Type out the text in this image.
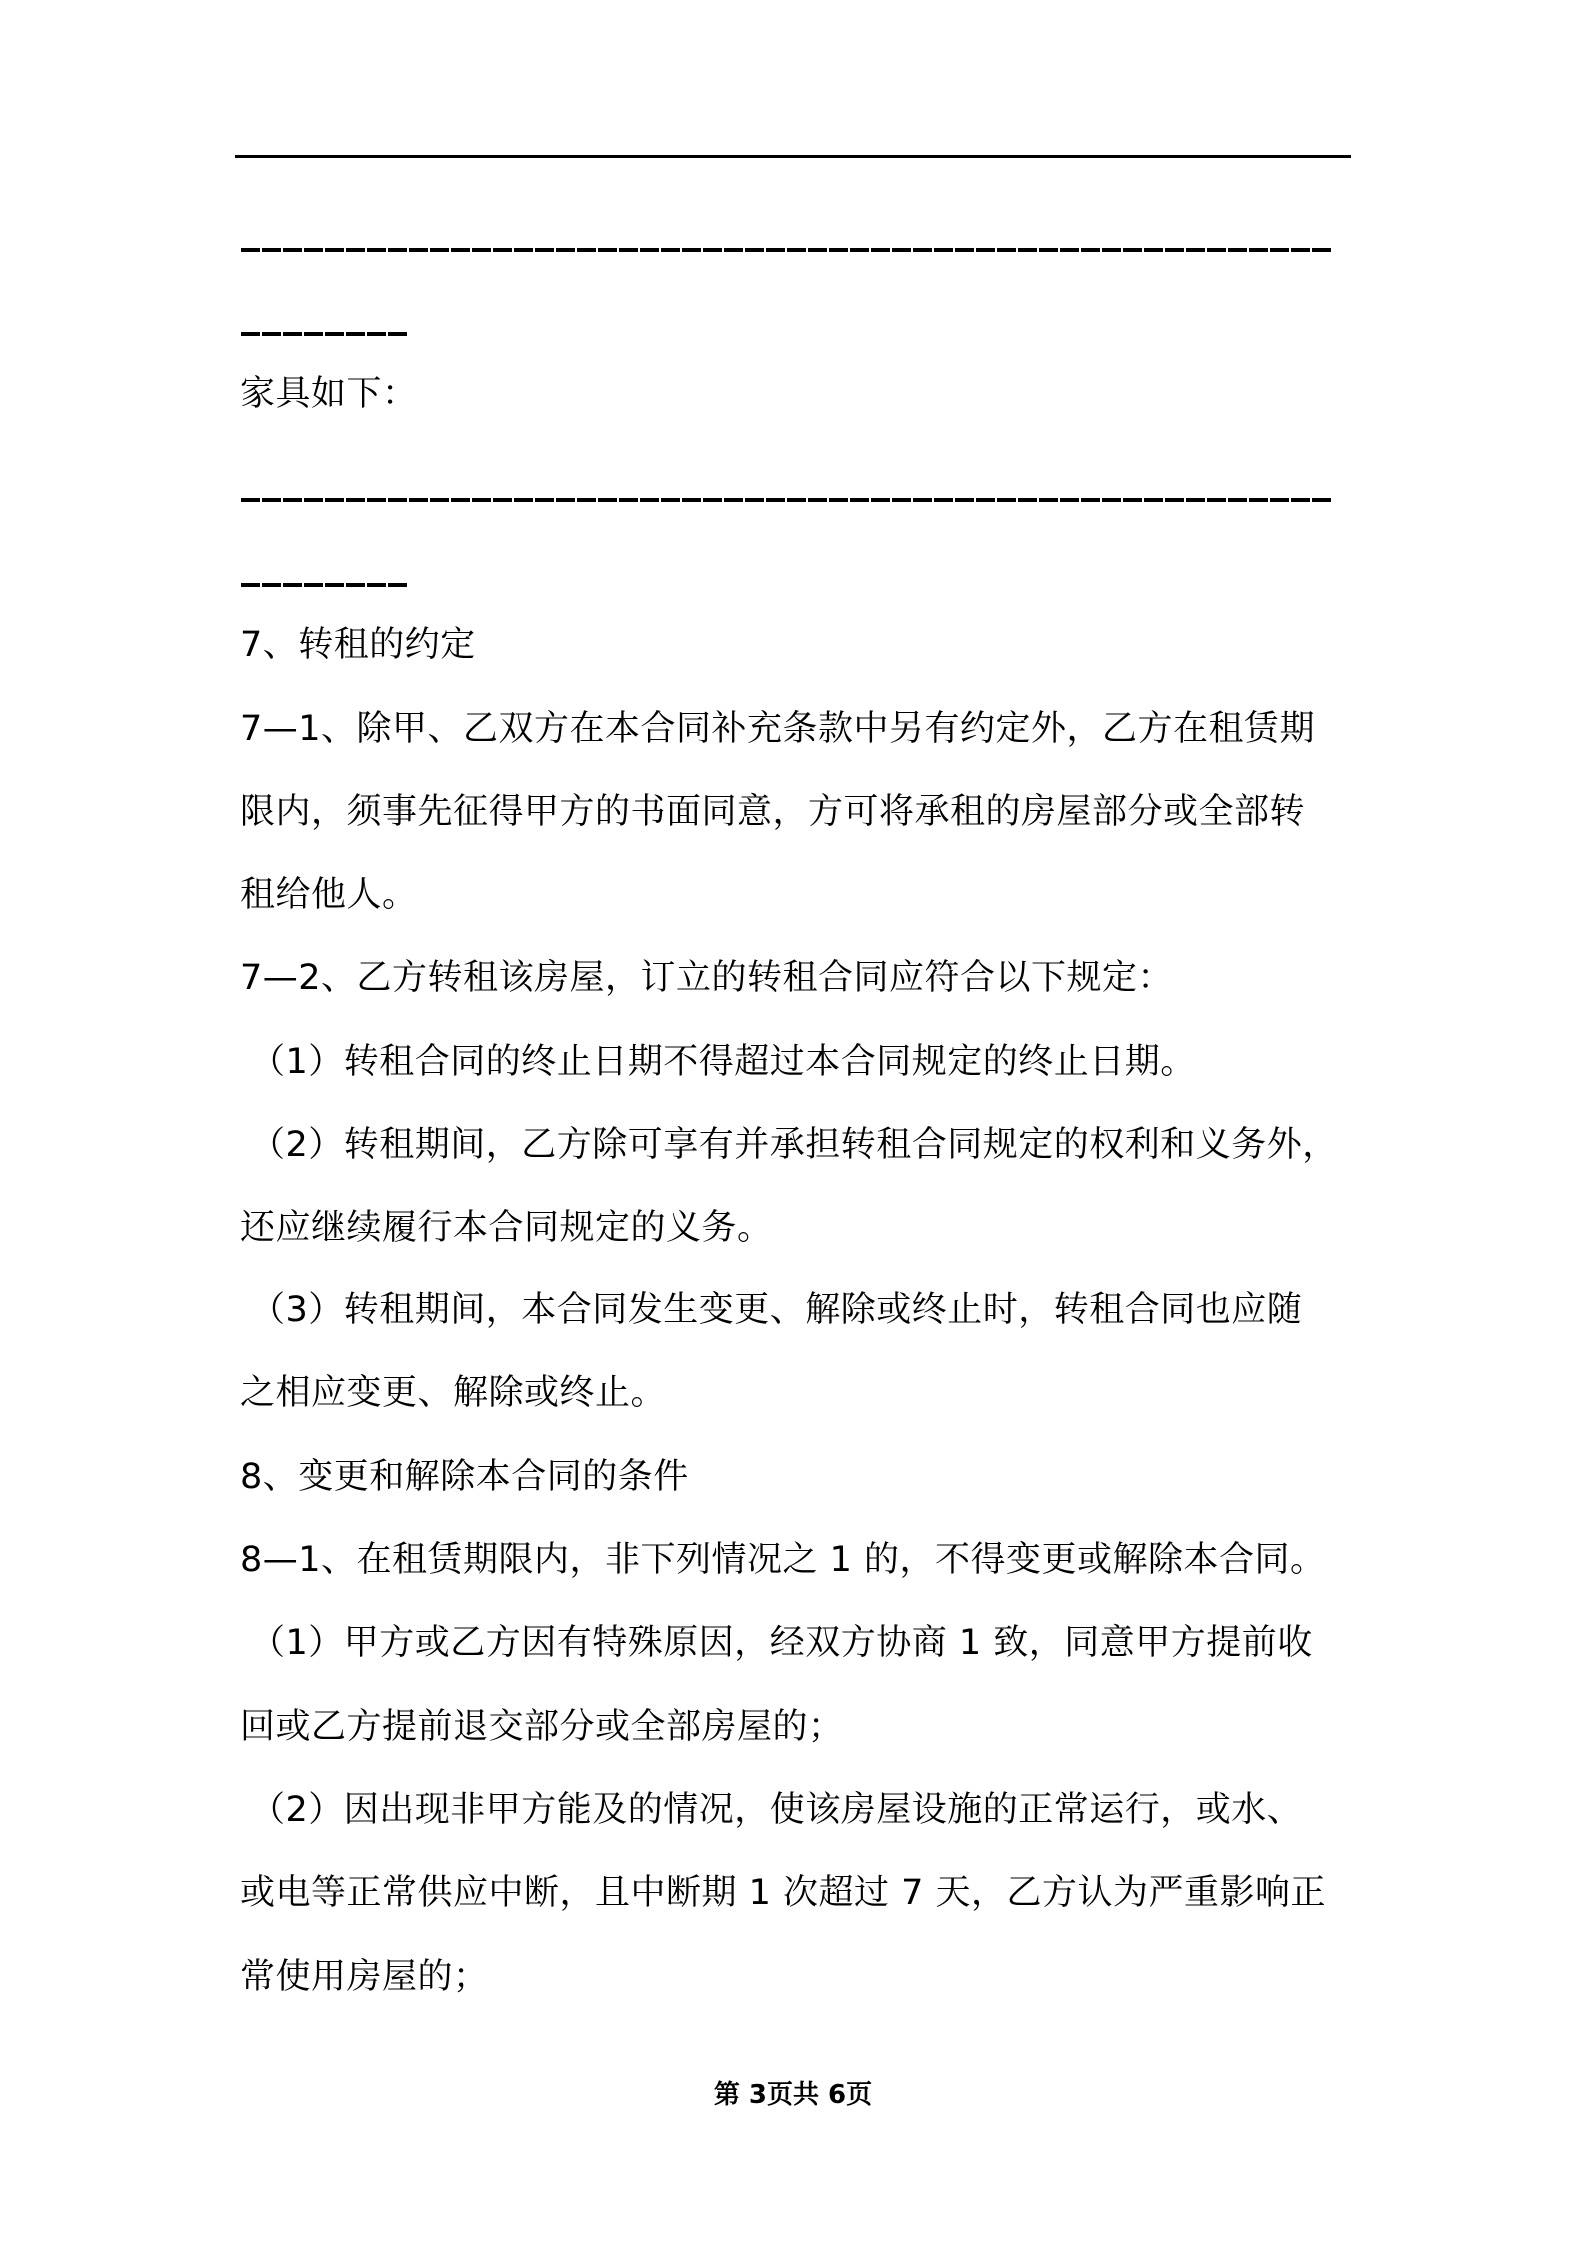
家具如下：
7、转租的约定
7—1、除甲、乙双方在本合同补充条款中另有约定外，乙方在租赁期
限内，须事先征得甲方的书面同意，方可将承租的房屋部分或全部转
租给他人。
7—2、乙方转租该房屋，订立的转租合同应符合以下规定：
（1）转租合同的终止日期不得超过本合同规定的终止日期。
（2）转租期间，乙方除可享有并承担转租合同规定的权利和义务外，
还应继续履行本合同规定的义务。
（3）转租期间，本合同发生变更、解除或终止时，转租合同也应随
之相应变更、解除或终止。
8、变更和解除本合同的条件
8—1、在租赁期限内，非下列情况之 1 的，不得变更或解除本合同。
（1）甲方或乙方因有特殊原因，经双方协商 1 致，同意甲方提前收
回或乙方提前退交部分或全部房屋的；
（2）因出现非甲方能及的情况，使该房屋设施的正常运行，或水、
或电等正常供应中断，且中断期 1 次超过 7 天，乙方认为严重影响正
常使用房屋的；
第 3页共 6页
